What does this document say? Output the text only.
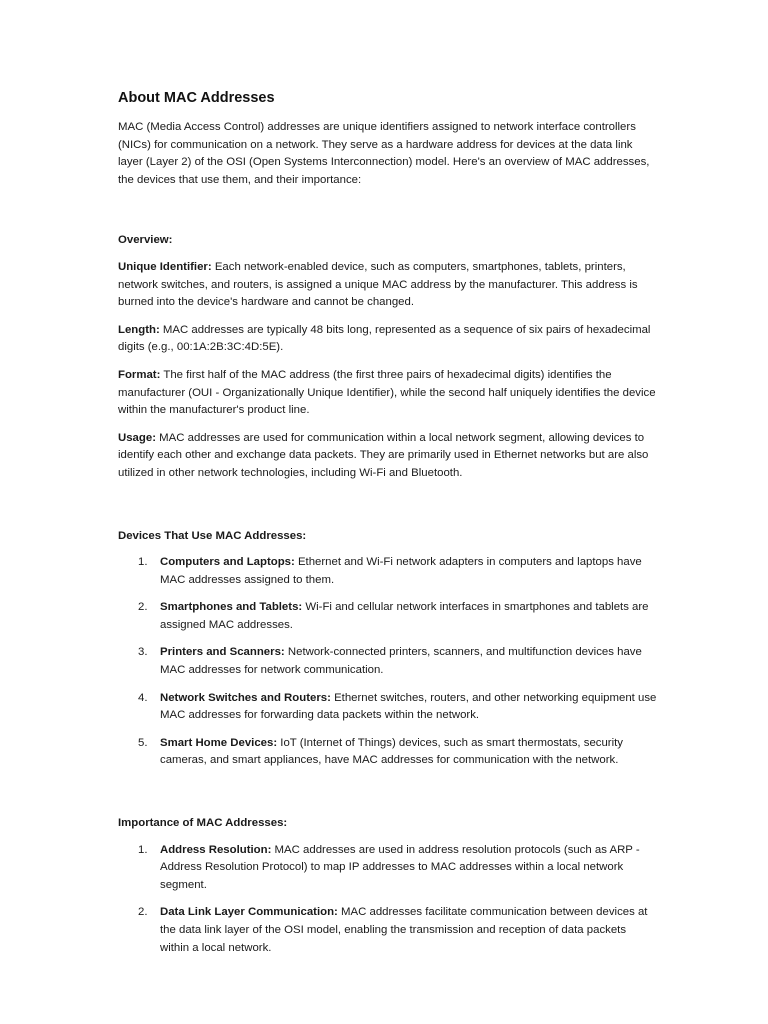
About MAC Addresses

MAC (Media Access Control) addresses are unique identifiers assigned to network interface controllers (NICs) for communication on a network. They serve as a hardware address for devices at the data link layer (Layer 2) of the OSI (Open Systems Interconnection) model. Here's an overview of MAC addresses, the devices that use them, and their importance:

Overview:

Unique Identifier: Each network-enabled device, such as computers, smartphones, tablets, printers, network switches, and routers, is assigned a unique MAC address by the manufacturer. This address is burned into the device's hardware and cannot be changed.

Length: MAC addresses are typically 48 bits long, represented as a sequence of six pairs of hexadecimal digits (e.g., 00:1A:2B:3C:4D:5E).

Format: The first half of the MAC address (the first three pairs of hexadecimal digits) identifies the manufacturer (OUI - Organizationally Unique Identifier), while the second half uniquely identifies the device within the manufacturer's product line.

Usage: MAC addresses are used for communication within a local network segment, allowing devices to identify each other and exchange data packets. They are primarily used in Ethernet networks but are also utilized in other network technologies, including Wi-Fi and Bluetooth.

Devices That Use MAC Addresses:

1. Computers and Laptops: Ethernet and Wi-Fi network adapters in computers and laptops have MAC addresses assigned to them.
2. Smartphones and Tablets: Wi-Fi and cellular network interfaces in smartphones and tablets are assigned MAC addresses.
3. Printers and Scanners: Network-connected printers, scanners, and multifunction devices have MAC addresses for network communication.
4. Network Switches and Routers: Ethernet switches, routers, and other networking equipment use MAC addresses for forwarding data packets within the network.
5. Smart Home Devices: IoT (Internet of Things) devices, such as smart thermostats, security cameras, and smart appliances, have MAC addresses for communication with the network.

Importance of MAC Addresses:

1. Address Resolution: MAC addresses are used in address resolution protocols (such as ARP - Address Resolution Protocol) to map IP addresses to MAC addresses within a local network segment.
2. Data Link Layer Communication: MAC addresses facilitate communication between devices at the data link layer of the OSI model, enabling the transmission and reception of data packets within a local network.
